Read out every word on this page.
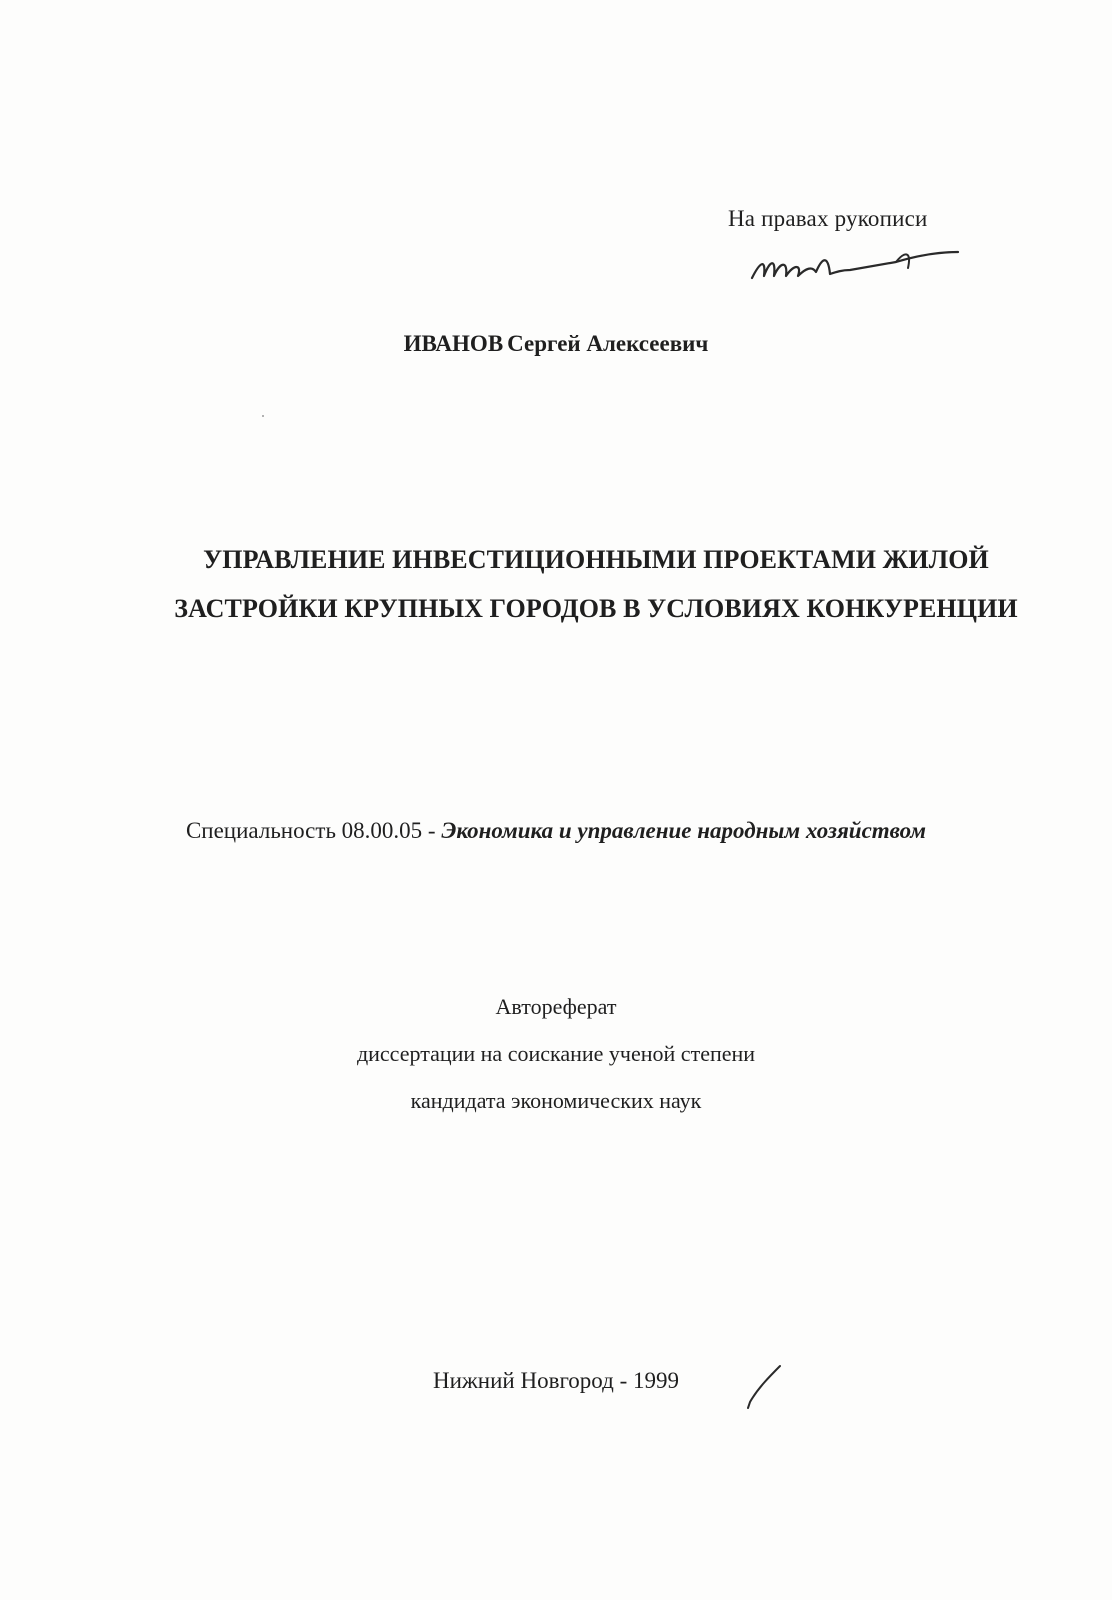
На правах рукописи
ИВАНОВ Сергей Алексеевич
УПРАВЛЕНИЕ ИНВЕСТИЦИОННЫМИ ПРОЕКТАМИ ЖИЛОЙ
ЗАСТРОЙКИ КРУПНЫХ ГОРОДОВ В УСЛОВИЯХ КОНКУРЕНЦИИ
Специальность 08.00.05 - Экономика и управление народным хозяйством
Автореферат
диссертации на соискание ученой степени
кандидата экономических наук
Нижний Новгород - 1999
